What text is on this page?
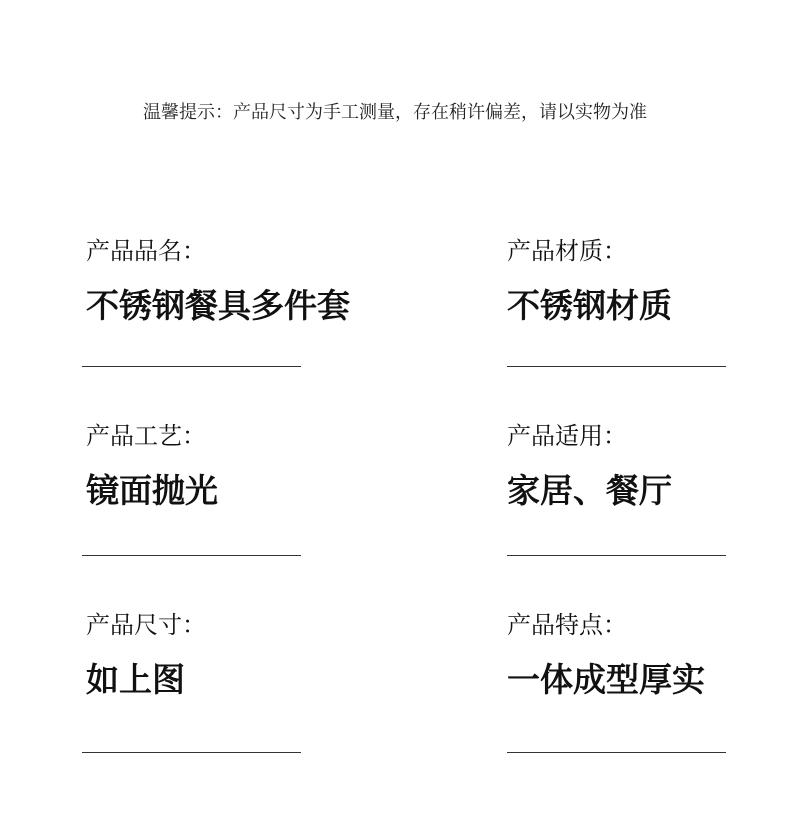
温馨提示：产品尺寸为手工测量，存在稍许偏差，请以实物为准
产品品名：
不锈钢餐具多件套
产品材质：
不锈钢材质
产品工艺：
镜面抛光
产品适用：
家居、餐厅
产品尺寸：
如上图
产品特点：
一体成型厚实
